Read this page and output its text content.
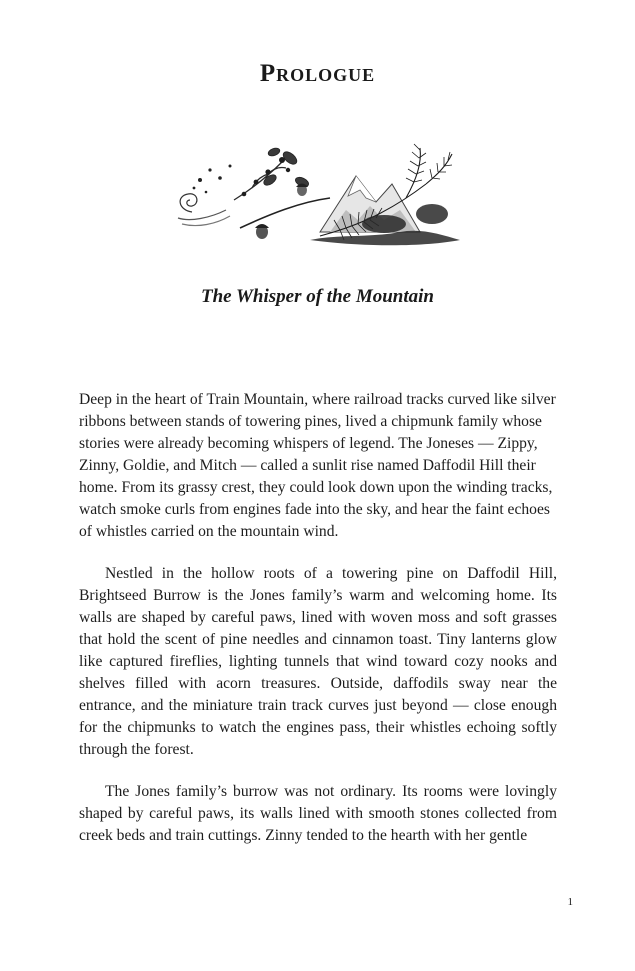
Prologue
The Whisper of the Mountain

Deep in the heart of Train Mountain, where railroad tracks curved like silver ribbons between stands of towering pines, lived a chipmunk family whose stories were already becoming whispers of legend. The Joneses — Zippy, Zinny, Goldie, and Mitch — called a sunlit rise named Daffodil Hill their home. From its grassy crest, they could look down upon the winding tracks, watch smoke curls from engines fade into the sky, and hear the faint echoes of whistles carried on the mountain wind.

Nestled in the hollow roots of a towering pine on Daffodil Hill, Brightseed Burrow is the Jones family’s warm and welcoming home. Its walls are shaped by careful paws, lined with woven moss and soft grasses that hold the scent of pine needles and cinnamon toast. Tiny lanterns glow like captured fireflies, lighting tunnels that wind toward cozy nooks and shelves filled with acorn treasures. Outside, daffodils sway near the entrance, and the miniature train track curves just beyond — close enough for the chipmunks to watch the engines pass, their whistles echoing softly through the forest.

The Jones family’s burrow was not ordinary. Its rooms were lovingly shaped by careful paws, its walls lined with smooth stones collected from creek beds and train cuttings. Zinny tended to the hearth with her gentle

1
